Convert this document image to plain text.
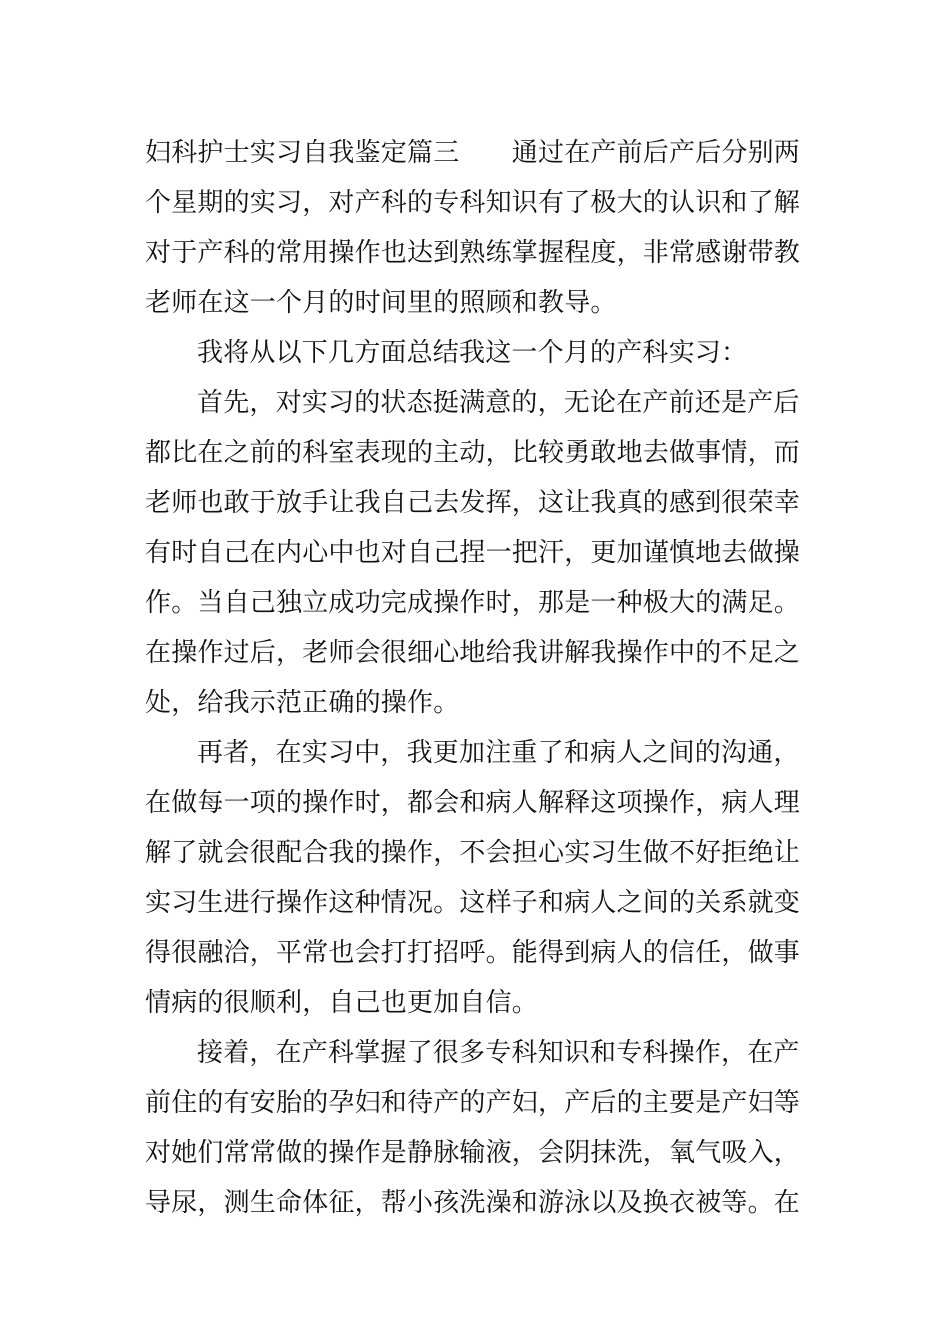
妇科护士实习自我鉴定篇三　　通过在产前后产后分别两
个星期的实习，对产科的专科知识有了极大的认识和了解
对于产科的常用操作也达到熟练掌握程度，非常感谢带教
老师在这一个月的时间里的照顾和教导。
我将从以下几方面总结我这一个月的产科实习：
首先，对实习的状态挺满意的，无论在产前还是产后
都比在之前的科室表现的主动，比较勇敢地去做事情，而
老师也敢于放手让我自己去发挥，这让我真的感到很荣幸
有时自己在内心中也对自己捏一把汗，更加谨慎地去做操
作。当自己独立成功完成操作时，那是一种极大的满足。
在操作过后，老师会很细心地给我讲解我操作中的不足之
处，给我示范正确的操作。
再者，在实习中，我更加注重了和病人之间的沟通，
在做每一项的操作时，都会和病人解释这项操作，病人理
解了就会很配合我的操作，不会担心实习生做不好拒绝让
实习生进行操作这种情况。这样子和病人之间的关系就变
得很融洽，平常也会打打招呼。能得到病人的信任，做事
情病的很顺利，自己也更加自信。
接着，在产科掌握了很多专科知识和专科操作，在产
前住的有安胎的孕妇和待产的产妇，产后的主要是产妇等
对她们常常做的操作是静脉输液，会阴抹洗，氧气吸入，
导尿，测生命体征，帮小孩洗澡和游泳以及换衣被等。在
